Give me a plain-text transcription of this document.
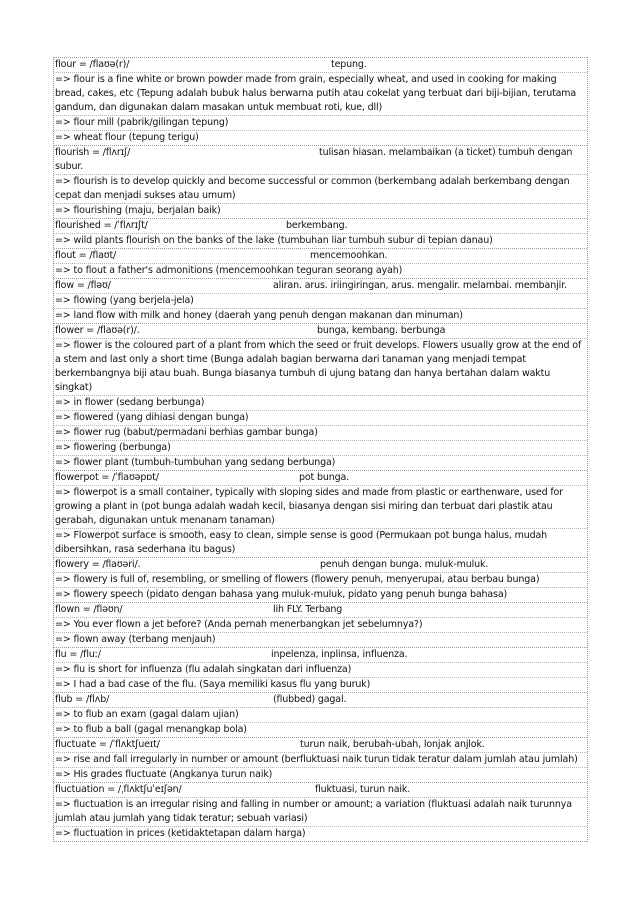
flour = /flaʊə(r)/	tepung.
=> flour is a fine white or brown powder made from grain, especially wheat, and used in cooking for making bread, cakes, etc (Tepung adalah bubuk halus berwarna putih atau cokelat yang terbuat dari biji-bijian, terutama gandum, dan digunakan dalam masakan untuk membuat roti, kue, dll)
=> flour mill (pabrik/gilingan tepung)
=> wheat flour (tepung terigu)
flourish = /flʌrɪʃ/	tulisan hiasan. melambaikan (a ticket) tumbuh dengan subur.
=> flourish is to develop quickly and become successful or common (berkembang adalah berkembang dengan cepat dan menjadi sukses atau umum)
=> flourishing (maju, berjalan baik)
flourished = /ˈflʌrɪʃt/	berkembang.
=> wild plants flourish on the banks of the lake (tumbuhan liar tumbuh subur di tepian danau)
flout = /flaʊt/	mencemoohkan.
=> to flout a father's admonitions (mencemoohkan teguran seorang ayah)
flow = /fləʊ/	aliran. arus. iriingiringan, arus. mengalir. melambai. membanjir.
=> flowing (yang berjela-jela)
=> land flow with milk and honey (daerah yang penuh dengan makanan dan minuman)
flower = /flaʊə(r)/.	bunga, kembang. berbunga
=> flower is the coloured part of a plant from which the seed or fruit develops. Flowers usually grow at the end of a stem and last only a short time (Bunga adalah bagian berwarna dari tanaman yang menjadi tempat berkembangnya biji atau buah. Bunga biasanya tumbuh di ujung batang dan hanya bertahan dalam waktu singkat)
=> in flower (sedang berbunga)
=> flowered (yang dihiasi dengan bunga)
=> flower rug (babut/permadani berhias gambar bunga)
=> flowering (berbunga)
=> flower plant (tumbuh-tumbuhan yang sedang berbunga)
flowerpot = /ˈflaʊəpɒt/	pot bunga.
=> flowerpot is a small container, typically with sloping sides and made from plastic or earthenware, used for growing a plant in (pot bunga adalah wadah kecil, biasanya dengan sisi miring dan terbuat dari plastik atau gerabah, digunakan untuk menanam tanaman)
=> Flowerpot surface is smooth, easy to clean, simple sense is good (Permukaan pot bunga halus, mudah dibersihkan, rasa sederhana itu bagus)
flowery = /flaʊəri/.	penuh dengan bunga. muluk-muluk.
=> flowery is full of, resembling, or smelling of flowers (flowery penuh, menyerupai, atau berbau bunga)
=> flowery speech (pidato dengan bahasa yang muluk-muluk, pidato yang penuh bunga bahasa)
flown = /fləʊn/	lih FLY. Terbang
=> You ever flown a jet before? (Anda pernah menerbangkan jet sebelumnya?)
=> flown away (terbang menjauh)
flu = /fluː/	inpelenza, inplinsa, influenza.
=> flu is short for influenza (flu adalah singkatan dari influenza)
=> I had a bad case of the flu. (Saya memiliki kasus flu yang buruk)
flub = /flʌb/	(flubbed) gagal.
=> to flub an exam (gagal dalam ujian)
=> to flub a ball (gagal menangkap bola)
fluctuate = /ˈflʌktʃueɪt/	turun naik, berubah-ubah, lonjak anjlok.
=> rise and fall irregularly in number or amount (berfluktuasi naik turun tidak teratur dalam jumlah atau jumlah)
=> His grades fluctuate (Angkanya turun naik)
fluctuation = /ˌflʌktʃuˈeɪʃən/	fluktuasi, turun naik.
=> fluctuation is an irregular rising and falling in number or amount; a variation (fluktuasi adalah naik turunnya jumlah atau jumlah yang tidak teratur; sebuah variasi)
=> fluctuation in prices (ketidaktetapan dalam harga)
